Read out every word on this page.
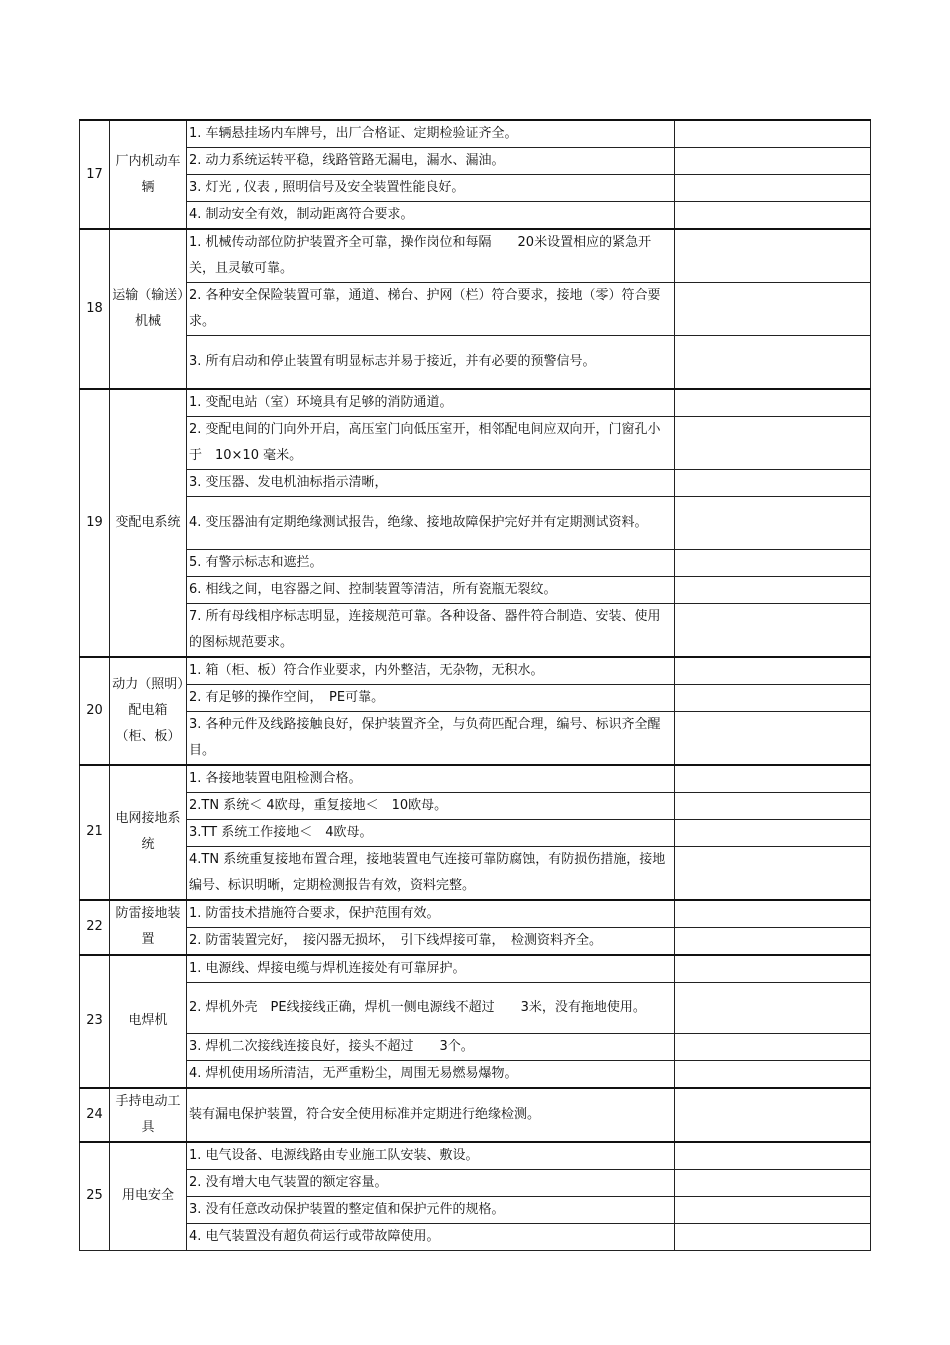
17	厂内机动车辆	1. 车辆悬挂场内车牌号，出厂合格证、定期检验证齐全。	
		2. 动力系统运转平稳，线路管路无漏电，漏水、漏油。	
		3. 灯光 , 仪表 , 照明信号及安全装置性能良好。	
		4. 制动安全有效，制动距离符合要求。	
18	运输（输送）机械	1. 机械传动部位防护装置齐全可靠，操作岗位和每隔　　20米设置相应的紧急开关，且灵敏可靠。	
		2. 各种安全保险装置可靠，通道、梯台、护网（栏）符合要求，接地（零）符合要求。	
		3. 所有启动和停止装置有明显标志并易于接近，并有必要的预警信号。	
19	变配电系统	1. 变配电站（室）环境具有足够的消防通道。	
		2. 变配电间的门向外开启，高压室门向低压室开，相邻配电间应双向开，门窗孔小于　10×10 毫米。	
		3. 变压器、发电机油标指示清晰，	
		4. 变压器油有定期绝缘测试报告，绝缘、接地故障保护完好并有定期测试资料。	
		5. 有警示标志和遮拦。	
		6. 相线之间，电容器之间、控制装置等清洁，所有瓷瓶无裂纹。	
		7. 所有母线相序标志明显，连接规范可靠。各种设备、器件符合制造、安装、使用的图标规范要求。	
20	动力（照明）配电箱（柜、板）	1. 箱（柜、板）符合作业要求，内外整洁，无杂物，无积水。	
		2. 有足够的操作空间，　PE可靠。	
		3. 各种元件及线路接触良好，保护装置齐全，与负荷匹配合理，编号、标识齐全醒目。	
21	电网接地系统	1. 各接地装置电阻检测合格。	
		2.TN 系统＜ 4欧母，重复接地＜　10欧母。	
		3.TT 系统工作接地＜　4欧母。	
		4.TN 系统重复接地布置合理，接地装置电气连接可靠防腐蚀，有防损伤措施，接地编号、标识明晰，定期检测报告有效，资料完整。	
22	防雷接地装置	1. 防雷技术措施符合要求，保护范围有效。	
		2. 防雷装置完好，　接闪器无损坏，　引下线焊接可靠，　检测资料齐全。	
23	电焊机	1. 电源线、焊接电缆与焊机连接处有可靠屏护。	
		2. 焊机外壳　PE线接线正确，焊机一侧电源线不超过　　3米，没有拖地使用。	
		3. 焊机二次接线连接良好，接头不超过　　3个。	
		4. 焊机使用场所清洁，无严重粉尘，周围无易燃易爆物。	
24	手持电动工具	装有漏电保护装置，符合安全使用标准并定期进行绝缘检测。	
25	用电安全	1. 电气设备、电源线路由专业施工队安装、敷设。	
		2. 没有增大电气装置的额定容量。	
		3. 没有任意改动保护装置的整定值和保护元件的规格。	
		4. 电气装置没有超负荷运行或带故障使用。	
